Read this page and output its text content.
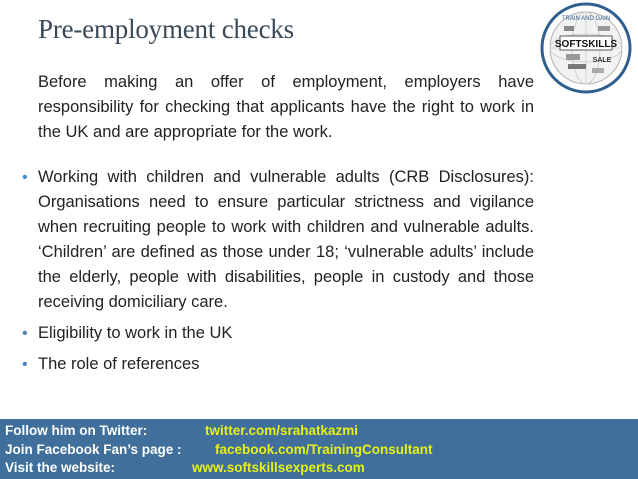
Pre-employment checks
SOFTSKILLS
TRAIN AND GAIN
SALE
Before making an offer of employment, employers have responsibility for checking that applicants have the right to work in the UK and are appropriate for the work.
• Working with children and vulnerable adults (CRB Disclosures): Organisations need to ensure particular strictness and vigilance when recruiting people to work with children and vulnerable adults. ‘Children’ are defined as those under 18; ‘vulnerable adults’ include the elderly, people with disabilities, people in custody and those receiving domiciliary care.
• Eligibility to work in the UK
• The role of references
Follow him on Twitter:	twitter.com/srahatkazmi
Join Facebook Fan’s page : facebook.com/TrainingConsultant
Visit the website:	www.softskillsexperts.com
